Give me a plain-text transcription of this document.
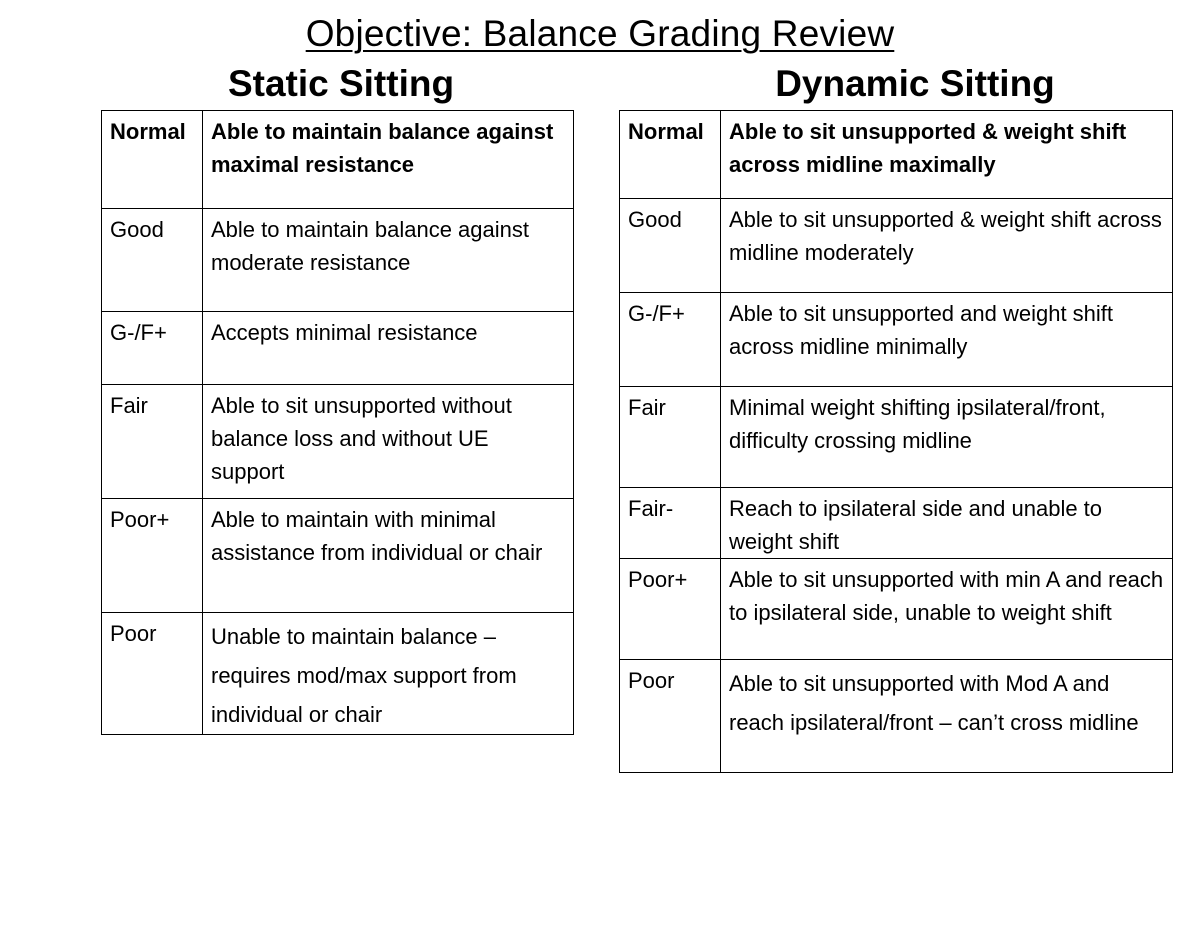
Objective: Balance Grading Review
Static Sitting	Dynamic Sitting
Normal	Able to maintain balance against maximal resistance
Good	Able to maintain balance against moderate resistance
G-/F+	Accepts minimal resistance
Fair	Able to sit unsupported without balance loss and without UE support
Poor+	Able to maintain with minimal assistance from individual or chair
Poor	Unable to maintain balance – requires mod/max support from individual or chair
Normal	Able to sit unsupported & weight shift across midline maximally
Good	Able to sit unsupported & weight shift across midline moderately
G-/F+	Able to sit unsupported and weight shift across midline minimally
Fair	Minimal weight shifting ipsilateral/front, difficulty crossing midline
Fair-	Reach to ipsilateral side and unable to weight shift
Poor+	Able to sit unsupported with min A and reach to ipsilateral side, unable to weight shift
Poor	Able to sit unsupported with Mod A and reach ipsilateral/front – can’t cross midline
